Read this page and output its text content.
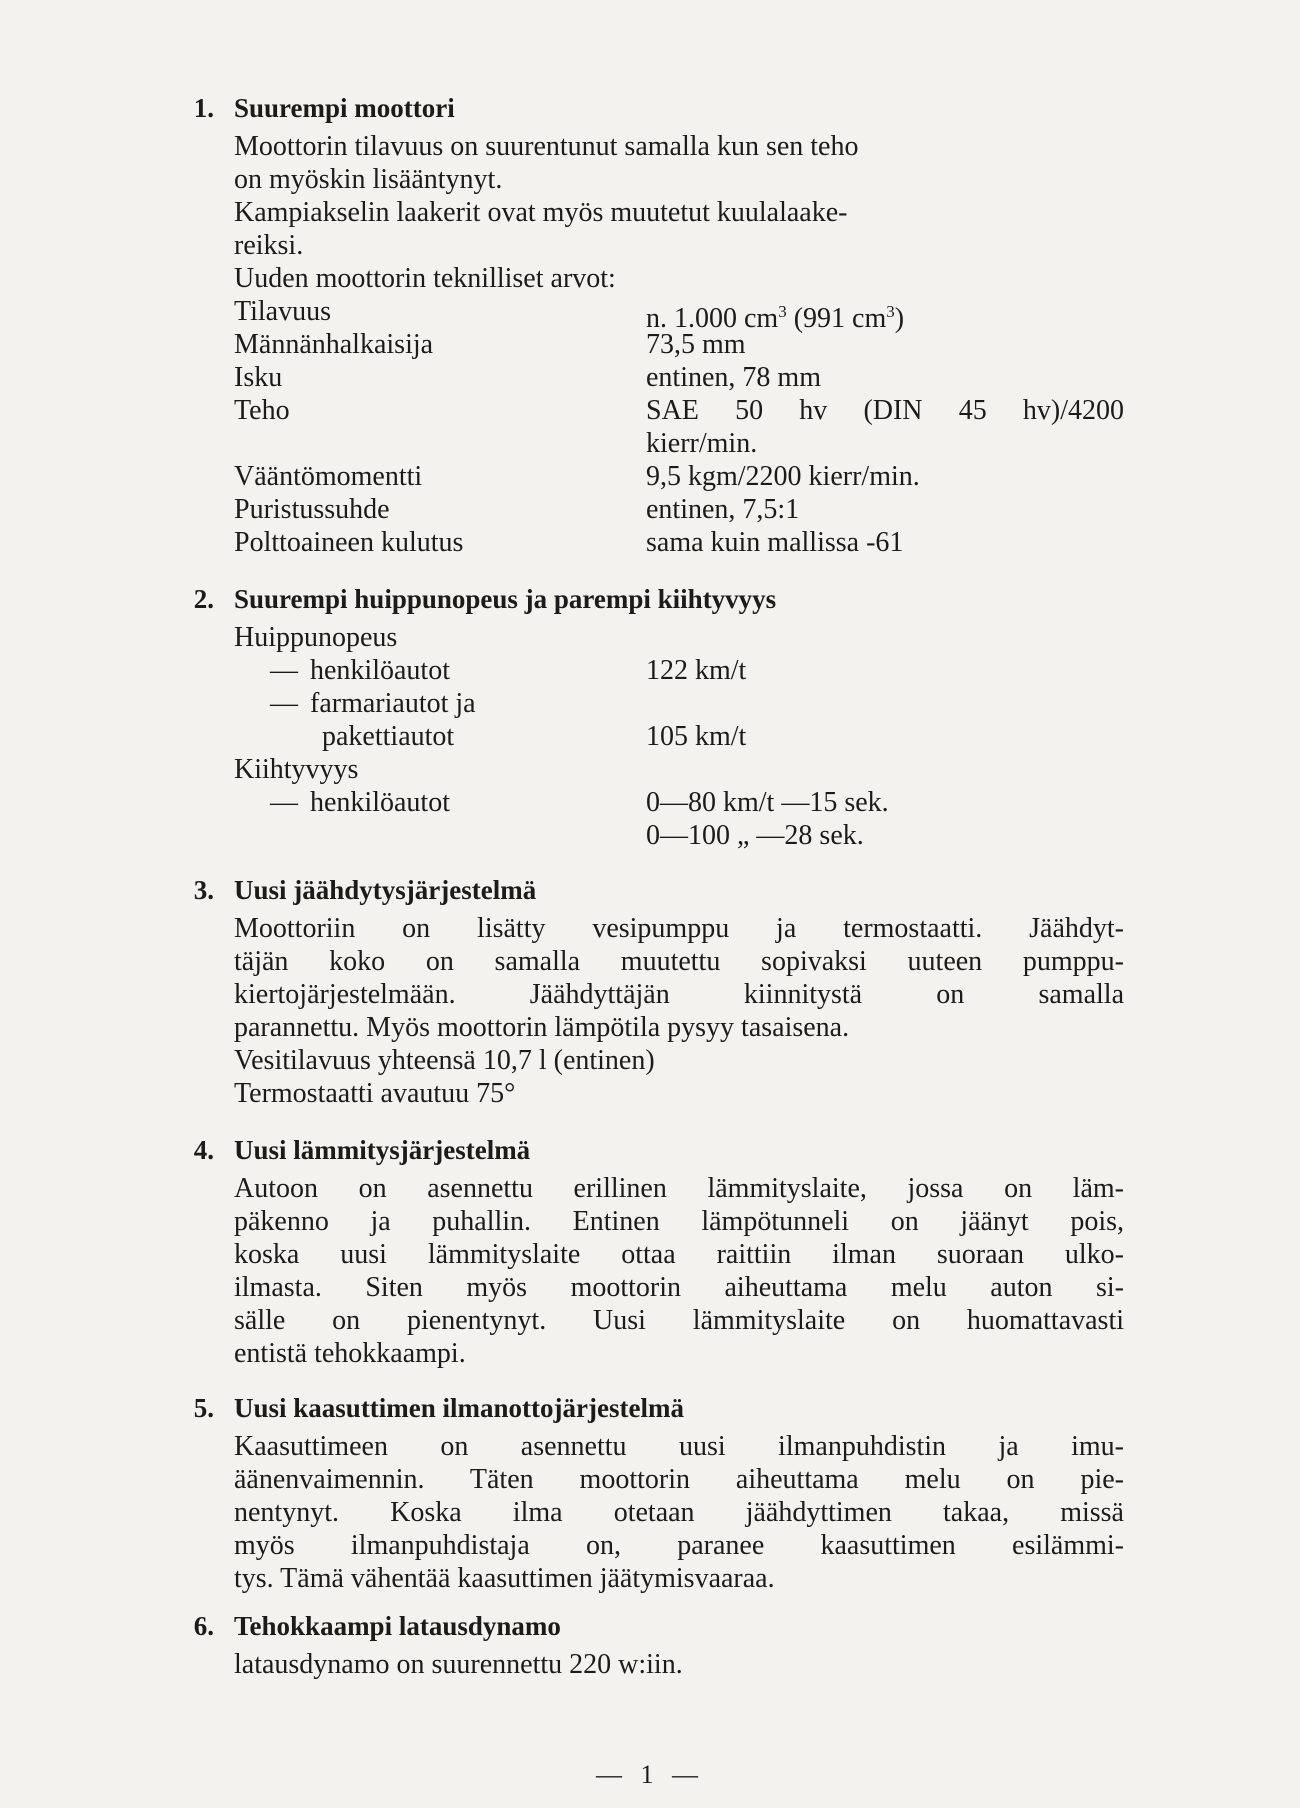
1. Suurempi moottori
Moottorin tilavuus on suurentunut samalla kun sen teho
on myöskin lisääntynyt.
Kampiakselin laakerit ovat myös muutetut kuulalaake-
reiksi.
Uuden moottorin teknilliset arvot:
Tilavuus	n. 1.000 $cm^3$ (991 $cm^3$)
Männänhalkaisija	73,5 mm
Isku	entinen, 78 mm
Teho	SAE 50 hv (DIN 45 hv)/4200
kierr/min.
Vääntömomentti	9,5 kgm/2200 kierr/min.
Puristussuhde	entinen, 7,5:1
Polttoaineen kulutus	sama kuin mallissa -61
2. Suurempi huippunopeus ja parempi kiihtyvyys
Huippunopeus
— henkilöautot	122 km/t
— farmariautot ja
pakettiautot	105 km/t
Kiihtyvyys
— henkilöautot	0—80 km/t —15 sek.
0—100 „ —28 sek.
3. Uusi jäähdytysjärjestelmä
Moottoriin on lisätty vesipumppu ja termostaatti. Jäähdyt-
täjän koko on samalla muutettu sopivaksi uuteen pumppu-
kiertojärjestelmään. Jäähdyttäjän kiinnitystä on samalla
parannettu. Myös moottorin lämpötila pysyy tasaisena.
Vesitilavuus yhteensä 10,7 l (entinen)
Termostaatti avautuu 75°
4. Uusi lämmitysjärjestelmä
Autoon on asennettu erillinen lämmityslaite, jossa on läm-
päkenno ja puhallin. Entinen lämpötunneli on jäänyt pois,
koska uusi lämmityslaite ottaa raittiin ilman suoraan ulko-
ilmasta. Siten myös moottorin aiheuttama melu auton si-
sälle on pienentynyt. Uusi lämmityslaite on huomattavasti
entistä tehokkaampi.
5. Uusi kaasuttimen ilmanottojärjestelmä
Kaasuttimeen on asennettu uusi ilmanpuhdistin ja imu-
äänenvaimennin. Täten moottorin aiheuttama melu on pie-
nentynyt. Koska ilma otetaan jäähdyttimen takaa, missä
myös ilmanpuhdistaja on, paranee kaasuttimen esilämmi-
tys. Tämä vähentää kaasuttimen jäätymisvaaraa.
6. Tehokkaampi latausdynamo
latausdynamo on suurennettu 220 w:iin.
— 1 —
